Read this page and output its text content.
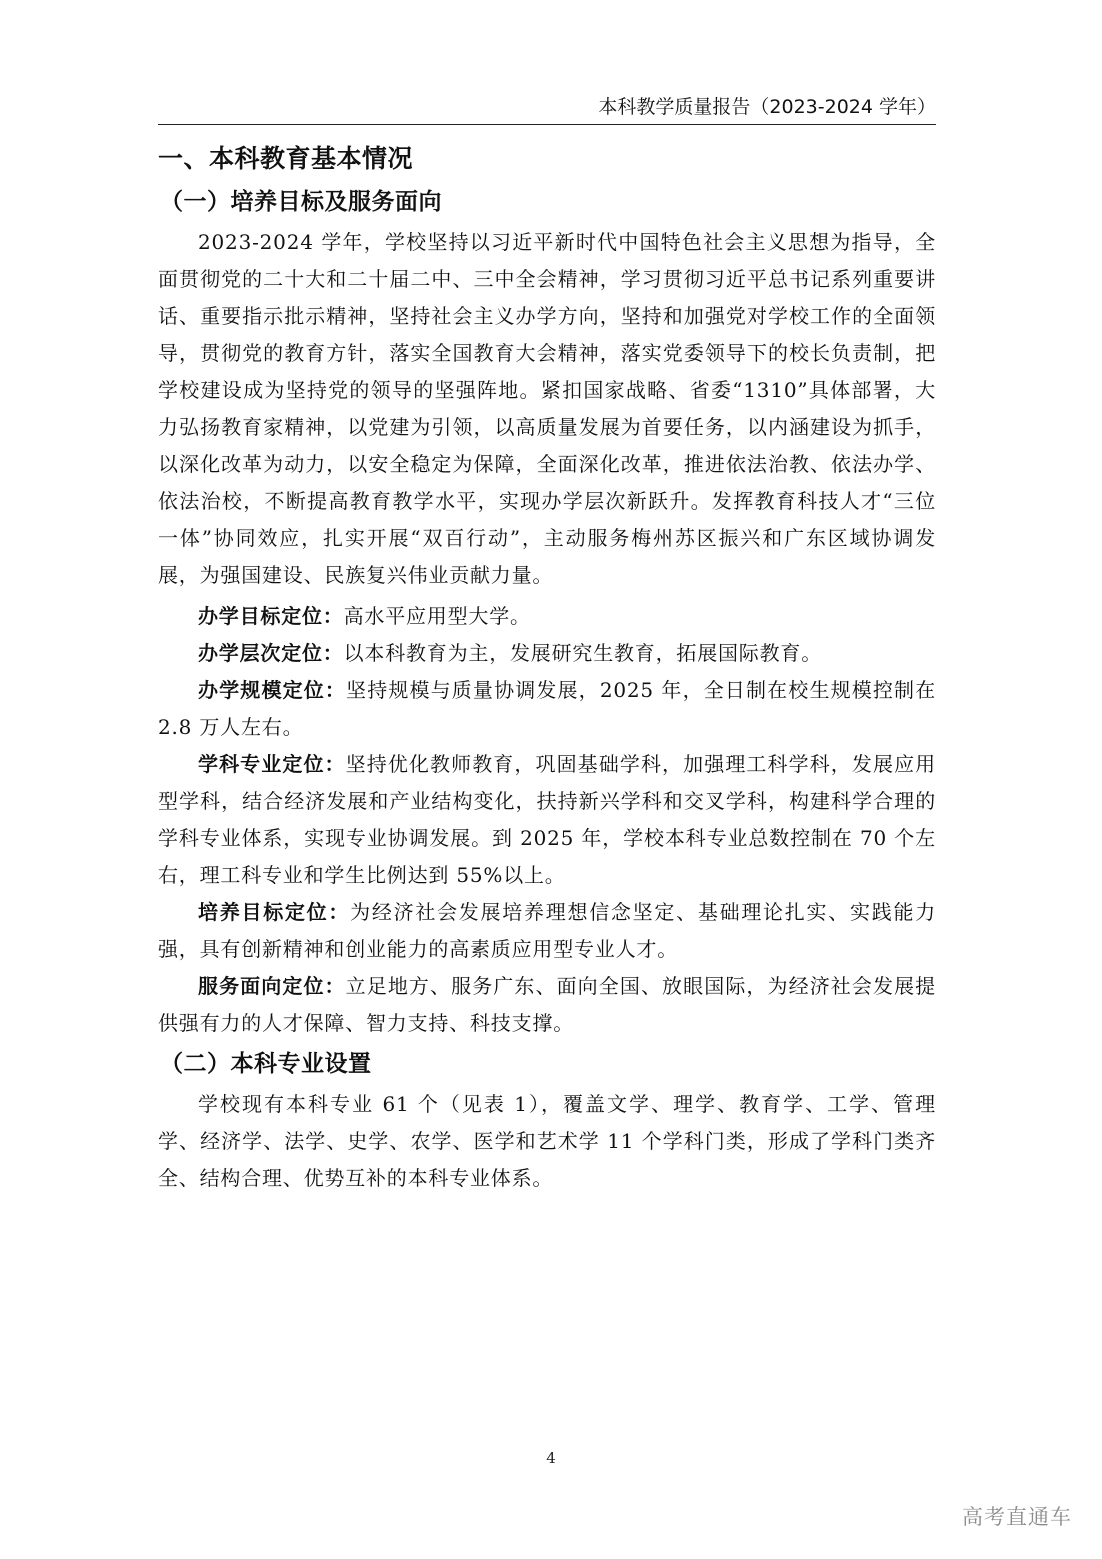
本科教学质量报告（2023-2024 学年）
一、本科教育基本情况
（一）培养目标及服务面向

2023-2024 学年，学校坚持以习近平新时代中国特色社会主义思想为指导，全面贯彻党的二十大和二十届二中、三中全会精神，学习贯彻习近平总书记系列重要讲话、重要指示批示精神，坚持社会主义办学方向，坚持和加强党对学校工作的全面领导，贯彻党的教育方针，落实全国教育大会精神，落实党委领导下的校长负责制，把学校建设成为坚持党的领导的坚强阵地。紧扣国家战略、省委“1310”具体部署，大力弘扬教育家精神，以党建为引领，以高质量发展为首要任务，以内涵建设为抓手，以深化改革为动力，以安全稳定为保障，全面深化改革，推进依法治教、依法办学、依法治校，不断提高教育教学水平，实现办学层次新跃升。发挥教育科技人才“三位一体”协同效应，扎实开展“双百行动”，主动服务梅州苏区振兴和广东区域协调发展，为强国建设、民族复兴伟业贡献力量。

办学目标定位：高水平应用型大学。

办学层次定位：以本科教育为主，发展研究生教育，拓展国际教育。

办学规模定位：坚持规模与质量协调发展，2025 年，全日制在校生规模控制在 2.8 万人左右。

学科专业定位：坚持优化教师教育，巩固基础学科，加强理工科学科，发展应用型学科，结合经济发展和产业结构变化，扶持新兴学科和交叉学科，构建科学合理的学科专业体系，实现专业协调发展。到 2025 年，学校本科专业总数控制在 70 个左右，理工科专业和学生比例达到 55%以上。

培养目标定位：为经济社会发展培养理想信念坚定、基础理论扎实、实践能力强，具有创新精神和创业能力的高素质应用型专业人才。

服务面向定位：立足地方、服务广东、面向全国、放眼国际，为经济社会发展提供强有力的人才保障、智力支持、科技支撑。

（二）本科专业设置

学校现有本科专业 61 个（见表 1），覆盖文学、理学、教育学、工学、管理学、经济学、法学、史学、农学、医学和艺术学 11 个学科门类，形成了学科门类齐全、结构合理、优势互补的本科专业体系。

4
高考直通车
